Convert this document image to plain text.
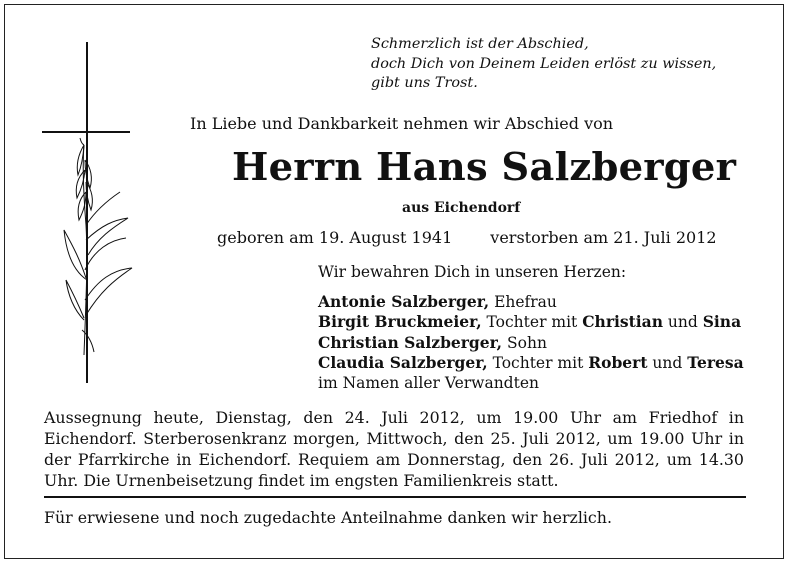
Schmerzlich ist der Abschied,
doch Dich von Deinem Leiden erlöst zu wissen,
gibt uns Trost.
In Liebe und Dankbarkeit nehmen wir Abschied von
Herrn Hans Salzberger
aus Eichendorf
geboren am 19. August 1941 verstorben am 21. Juli 2012
Wir bewahren Dich in unseren Herzen:
Antonie Salzberger, Ehefrau
Birgit Bruckmeier, Tochter mit Christian und Sina
Christian Salzberger, Sohn
Claudia Salzberger, Tochter mit Robert und Teresa
im Namen aller Verwandten
Aussegnung heute, Dienstag, den 24. Juli 2012, um 19.00 Uhr am Friedhof in Eichendorf. Sterberosenkranz morgen, Mittwoch, den 25. Juli 2012, um 19.00 Uhr in der Pfarrkirche in Eichendorf. Requiem am Donnerstag, den 26. Juli 2012, um 14.30 Uhr. Die Urnenbeisetzung findet im engsten Familienkreis statt.
Für erwiesene und noch zugedachte Anteilnahme danken wir herzlich.
